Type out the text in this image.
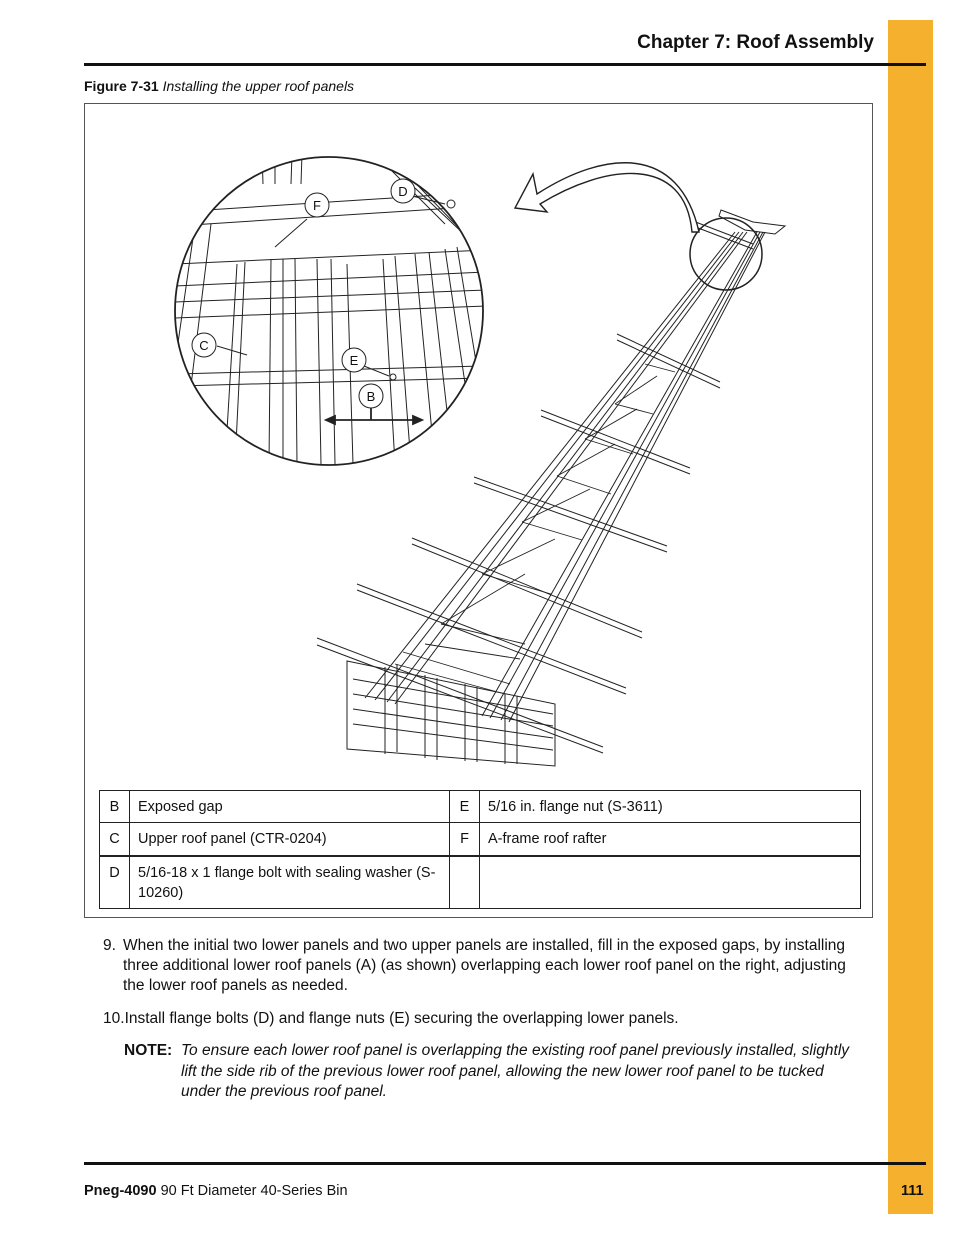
Chapter 7: Roof Assembly
Figure 7-31 Installing the upper roof panels
F
D
C
E
B
B	Exposed gap	E	5/16 in. flange nut (S-3611)
C	Upper roof panel (CTR-0204)	F	A-frame roof rafter
D	5/16-18 x 1 flange bolt with sealing washer (S-10260)		
9. When the initial two lower panels and two upper panels are installed, fill in the exposed gaps, by installing three additional lower roof panels (A) (as shown) overlapping each lower roof panel on the right, adjusting the lower roof panels as needed.
10.Install flange bolts (D) and flange nuts (E) securing the overlapping lower panels.
NOTE: To ensure each lower roof panel is overlapping the existing roof panel previously installed, slightly lift the side rib of the previous lower roof panel, allowing the new lower roof panel to be tucked under the previous roof panel.
Pneg-4090 90 Ft Diameter 40-Series Bin	111
